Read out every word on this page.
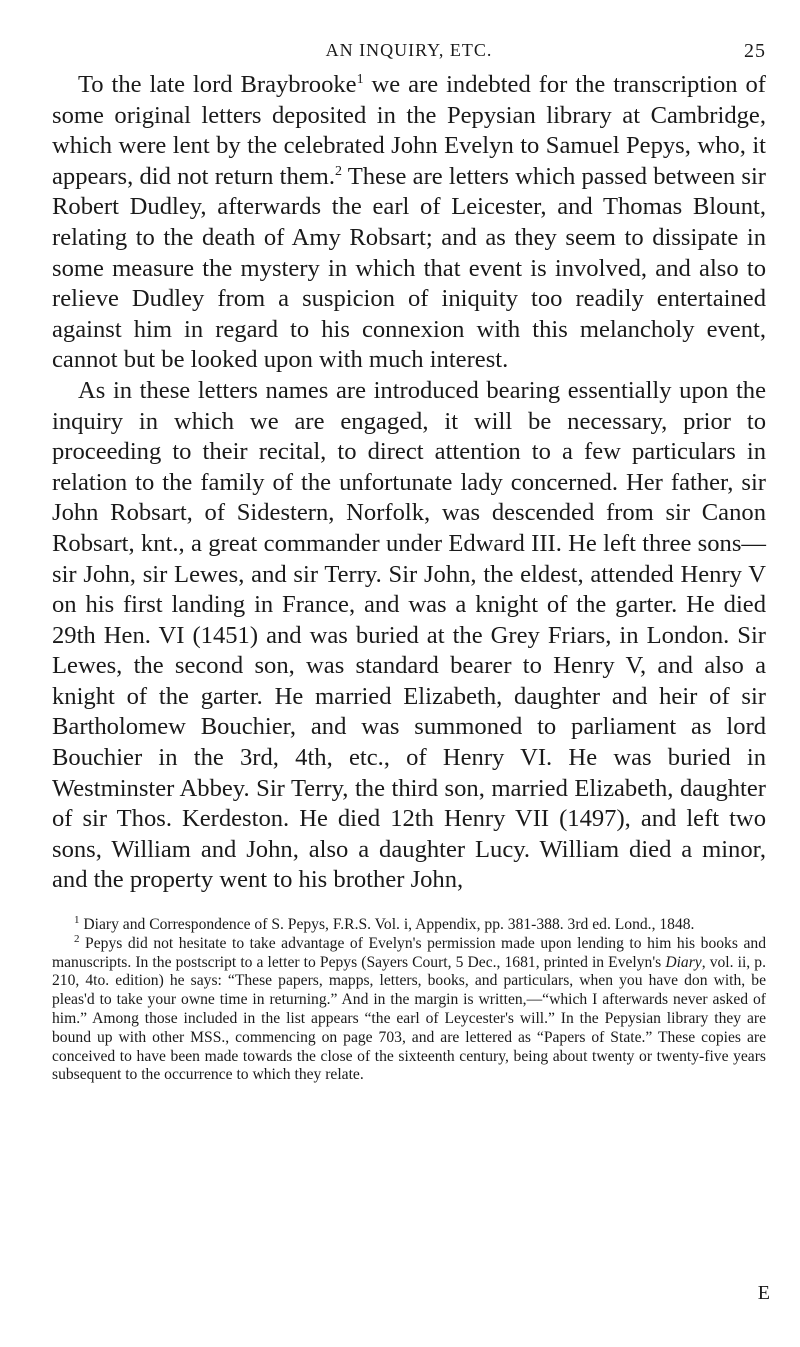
AN INQUIRY, ETC.	25

To the late lord Braybrooke$^1$ we are indebted for the transcription of some original letters deposited in the Pepysian library at Cambridge, which were lent by the celebrated John Evelyn to Samuel Pepys, who, it appears, did not return them.$^2$ These are letters which passed between sir Robert Dudley, afterwards the earl of Leicester, and Thomas Blount, relating to the death of Amy Robsart; and as they seem to dissipate in some measure the mystery in which that event is involved, and also to relieve Dudley from a suspicion of iniquity too readily entertained against him in regard to his connexion with this melancholy event, cannot but be looked upon with much interest.

As in these letters names are introduced bearing essentially upon the inquiry in which we are engaged, it will be necessary, prior to proceeding to their recital, to direct attention to a few particulars in relation to the family of the unfortunate lady concerned. Her father, sir John Robsart, of Sidestern, Norfolk, was descended from sir Canon Robsart, knt., a great commander under Edward III. He left three sons—sir John, sir Lewes, and sir Terry. Sir John, the eldest, attended Henry V on his first landing in France, and was a knight of the garter. He died 29th Hen. VI (1451) and was buried at the Grey Friars, in London. Sir Lewes, the second son, was standard bearer to Henry V, and also a knight of the garter. He married Elizabeth, daughter and heir of sir Bartholomew Bouchier, and was summoned to parliament as lord Bouchier in the 3rd, 4th, etc., of Henry VI. He was buried in Westminster Abbey. Sir Terry, the third son, married Elizabeth, daughter of sir Thos. Kerdeston. He died 12th Henry VII (1497), and left two sons, William and John, also a daughter Lucy. William died a minor, and the property went to his brother John,

$^1$ Diary and Correspondence of S. Pepys, F.R.S. Vol. i, Appendix, pp. 381-388. 3rd ed. Lond., 1848.

$^2$ Pepys did not hesitate to take advantage of Evelyn's permission made upon lending to him his books and manuscripts. In the postscript to a letter to Pepys (Sayers Court, 5 Dec., 1681, printed in Evelyn's Diary, vol. ii, p. 210, 4to. edition) he says: “These papers, mapps, letters, books, and particulars, when you have don with, be pleas'd to take your owne time in returning.” And in the margin is written,—“which I afterwards never asked of him.” Among those included in the list appears “the earl of Leycester's will.” In the Pepysian library they are bound up with other MSS., commencing on page 703, and are lettered as “Papers of State.” These copies are conceived to have been made towards the close of the sixteenth century, being about twenty or twenty-five years subsequent to the occurrence to which they relate.

E
